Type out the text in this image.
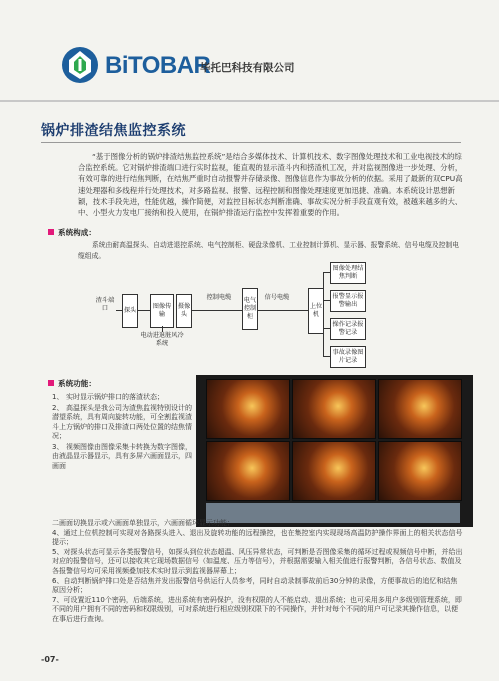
BiTOBAR
毕托巴科技有限公司
锅炉排渣结焦监控系统

“基于图像分析的锅炉排渣结焦监控系统”是结合多媒体技术、计算机技术、数字图像处理技术和工业电视技术的综合监控系统。它对锅炉排渣端口进行实时监视，能直观的显示渣斗内和捞渣机工况，并对监视图像进一步处理、分析，有效可靠的进行结焦判断，在结焦严重时自动报警并存储录像、图像信息作为事故分析的依据。采用了最新的双CPU高速处理器和多线程并行处理技术，对多路监视、报警、远程控制和图像处理速度更加迅捷、准确。本系统设计思想新颖，技术手段先进，性能优越，操作简便，对监控目标状态判断准确、事故实况分析手段直观有效，被越来越多的大、中、小型火力发电厂接纳和投入使用，在锅炉排渣运行监控中发挥着重要的作用。

系统构成：

系统由耐高温探头、自动进退控系统、电气控制柜、硬盘录像机、工业控制计算机、显示器、报警系统、信号电缆及控制电缆组成。

渣斗端口	探头
图像传输
摄像头
控制电缆	电气控制柜
信号电缆
上位机
电动进退脏风冷系统
图像处理结焦判断
报警显示报警输出
操作记录报警记录
事故录像图片记录
系统功能：
1、 实时显示锅炉排口的落渣状态；
2、 高温探头是我公司为渣焦监视特别设计的潜望系统，具有周向旋转功能，可全割监视渣斗上方锅炉的排口及排渣口两处位置的结焦情况；
3、 视频图像由图像采集卡转换为数字图像，由液晶显示器显示，具有多屏六画面显示，四画面
二画面切换显示或六画面单独显示，六画面循环显示功能；
4、通过上位机控制可实现对各路探头进入、退出及旋转功能的远程操控，也在集控室内实现现场高温防护操作界面上的相关状态信号提示；
5、对探头状态可显示各类报警信号，如探头到位状态超温、风压异常状态，可判断是否图像采集的循环过程或视频信号中断，并给出对应的报警信号，还可以接收其它现场数据信号（如温度、压力等信号），并根据需要输入相关值进行报警判断，各信号状态、数值及各报警信号均可采用视频叠加技术实时显示到监视器屏幕上；
6、自动判断锅炉排口处是否结焦并发出报警信号供运行人员参考，同时自动录制事故前后30分钟的录像，方便事故后的追忆和结焦原因分析；
7、可设置近110个密码，后端系统，进出系统有密码保护，没有权限的人不能启动、退出系统；也可采用多用户多级别管理系统，即不同的用户拥有不同的密码和权限级别，可对系统进行相应级别权限下的不同操作，并针对每个不同的用户可记录其操作信息，以便在事后进行查询。
-07-
